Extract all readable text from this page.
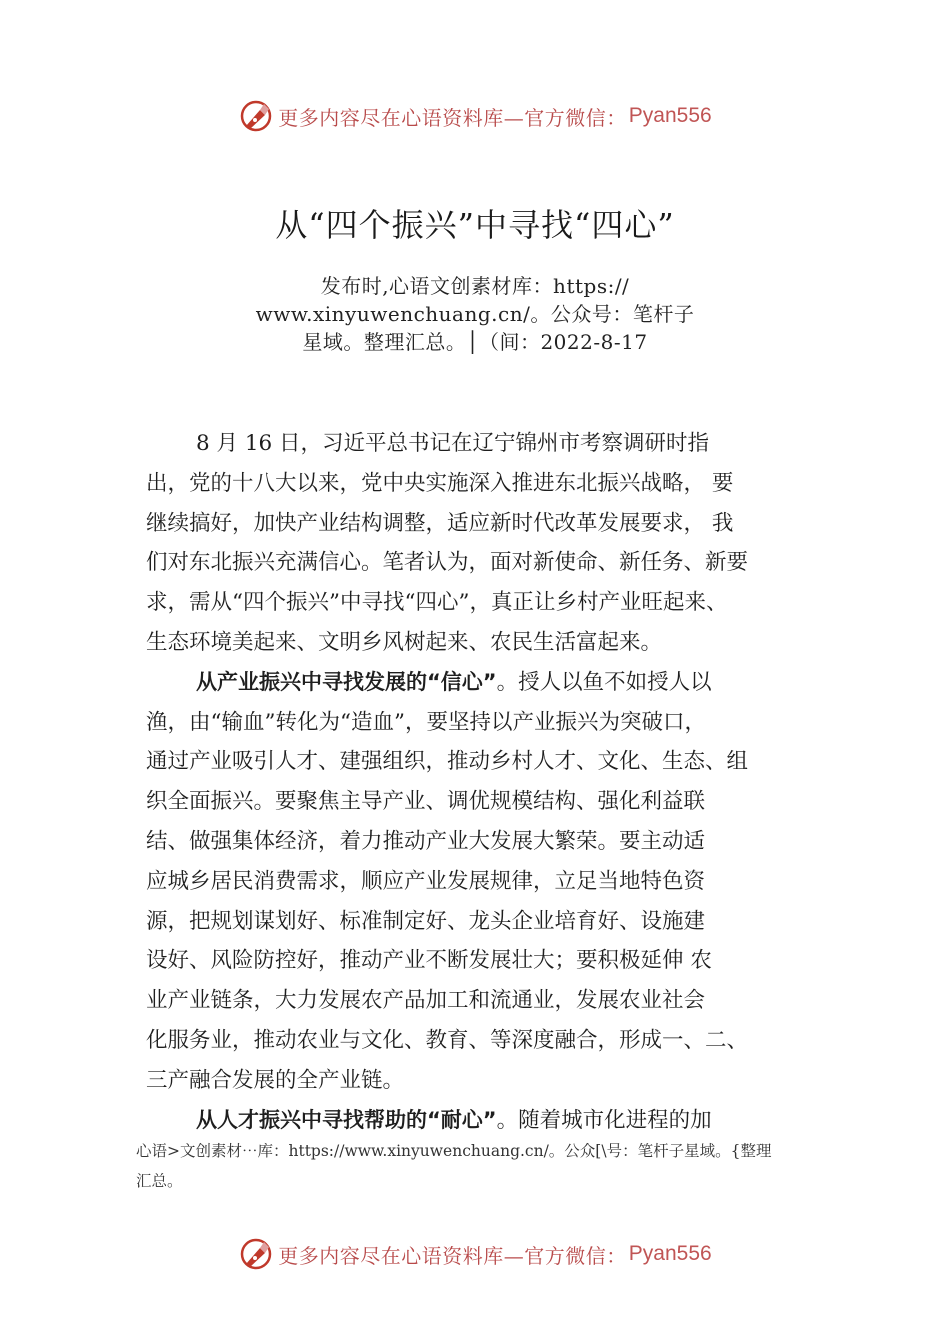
更多内容尽在心语资料库—官方微信： Pyan556
从“四个振兴”中寻找“四心”
发布时,心语文创素材库：https://
www.xinyuwenchuang.cn/。公众号：笔杆子
星域。整理汇总。│（间：2022-8-17
8 月 16 日，习近平总书记在辽宁锦州市考察调研时指
出，党的十八大以来，党中央实施深入推进东北振兴战略， 要
继续搞好，加快产业结构调整，适应新时代改革发展要求， 我
们对东北振兴充满信心。笔者认为，面对新使命、新任务、新要
求，需从“四个振兴”中寻找“四心”，真正让乡村产业旺起来、
生态环境美起来、文明乡风树起来、农民生活富起来。
从产业振兴中寻找发展的“信心”。授人以鱼不如授人以
渔，由“输血”转化为“造血”，要坚持以产业振兴为突破口，
通过产业吸引人才、建强组织，推动乡村人才、文化、生态、组
织全面振兴。要聚焦主导产业、调优规模结构、强化利益联
结、做强集体经济，着力推动产业大发展大繁荣。要主动适
应城乡居民消费需求，顺应产业发展规律，立足当地特色资
源，把规划谋划好、标准制定好、龙头企业培育好、设施建
设好、风险防控好，推动产业不断发展壮大；要积极延伸 农
业产业链条，大力发展农产品加工和流通业，发展农业社会
化服务业，推动农业与文化、教育、等深度融合，形成一、二、
三产融合发展的全产业链。
从人才振兴中寻找帮助的“耐心”。随着城市化进程的加
心语>文创素材⋯库：https://www.xinyuwenchuang.cn/。公众[\号：笔杆子星域。{整理
汇总。
更多内容尽在心语资料库—官方微信： Pyan556
